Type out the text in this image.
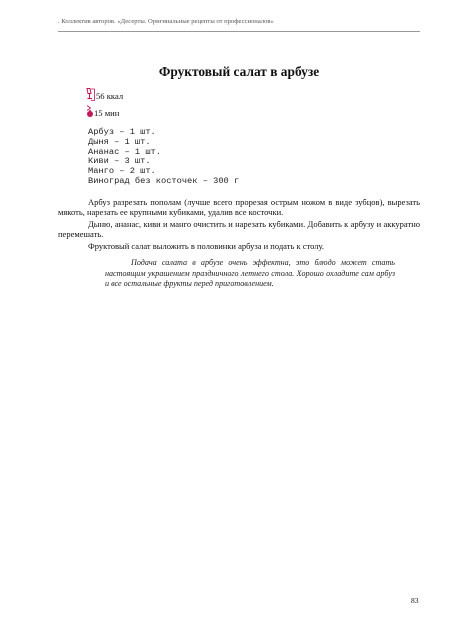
. Коллектив авторов. «Десерты. Оригинальные рецепты от профессионалов»
Фруктовый салат в арбузе
56 ккал
15 мин
Арбуз – 1 шт.
Дыня – 1 шт.
Ананас – 1 шт.
Киви – 3 шт.
Манго – 2 шт.
Виноград без косточек – 300 г

Арбуз разрезать пополам (лучше всего прорезая острым ножом в виде зубцов), вырезать мякоть, нарезать ее крупными кубиками, удалив все косточки.

Дыню, ананас, киви и манго очистить и нарезать кубиками. Добавить к арбузу и аккуратно перемешать.

Фруктовый салат выложить в половинки арбуза и подать к столу.

Подача салата в арбузе очень эффектна, это блюдо может стать настоящим украшением праздничного летнего стола. Хорошо охладите сам арбуз и все остальные фрукты перед приготовлением.
83
